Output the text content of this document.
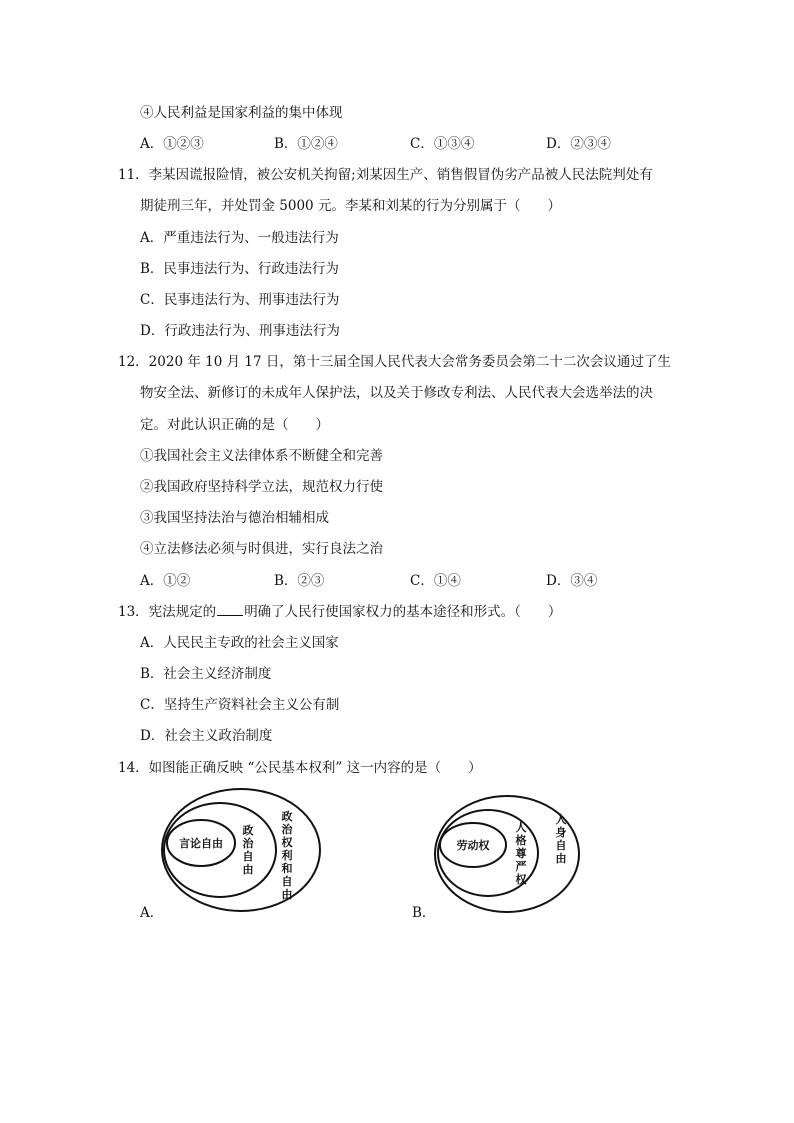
④人民利益是国家利益的集中体现
A．①②③	B．①②④	C．①③④	D．②③④
11．李某因谎报险情，被公安机关拘留;刘某因生产、销售假冒伪劣产品被人民法院判处有
期徒刑三年，并处罚金 5000 元。李某和刘某的行为分别属于（　　）
A．严重违法行为、一般违法行为
B．民事违法行为、行政违法行为
C．民事违法行为、刑事违法行为
D．行政违法行为、刑事违法行为
12．2020 年 10 月 17 日，第十三届全国人民代表大会常务委员会第二十二次会议通过了生
物安全法、新修订的未成年人保护法，以及关于修改专利法、人民代表大会选举法的决
定。对此认识正确的是（　　）
①我国社会主义法律体系不断健全和完善
②我国政府坚持科学立法，规范权力行使
③我国坚持法治与德治相辅相成
④立法修法必须与时俱进，实行良法之治
A．①②	B．②③	C．①④	D．③④
13．宪法规定的 明确了人民行使国家权力的基本途径和形式。（　　）
A．人民民主专政的社会主义国家
B．社会主义经济制度
C．坚持生产资料社会主义公有制
D．社会主义政治制度
14．如图能正确反映 “公民基本权利” 这一内容的是（　　）
A．
言论自由
政
治
自
由
政
治
权
利
和
自
由
B．
劳动权
人
格
尊
严
权
人
身
自
由
